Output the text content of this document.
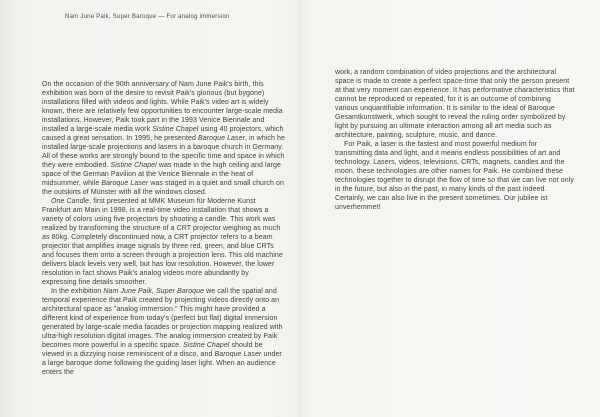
Nam June Paik, Super Baroque — For analog immersion

On the occasion of the 90th anniversary of Nam June Paik's birth, this exhibition was born of the desire to revisit Paik's glorious (but bygone) installations filled with videos and lights. While Paik's video art is widely known, there are relatively few opportunities to encounter large-scale media installations. However, Paik took part in the 1993 Venice Biennale and installed a large-scale media work Sistine Chapel using 40 projectors, which caused a great sensation. In 1995, he presented Baroque Laser, in which he installed large-scale projections and lasers in a baroque church in Germany. All of these works are strongly bound to the specific time and space in which they were embodied. Sistine Chapel was made in the high ceiling and large space of the German Pavilion at the Venice Biennale in the heat of midsummer, while Baroque Laser was staged in a quiet and small church on the outskirts of Münster with all the windows closed.

One Candle, first presented at MMK Museum für Moderne Kunst Frankfurt am Main in 1998, is a real-time video installation that shows a variety of colors using five projectors by shooting a candle. This work was realized by transforming the structure of a CRT projector weighing as much as 80kg. Completely discontinued now, a CRT projector refers to a beam projector that amplifies image signals by three red, green, and blue CRTs and focuses them onto a screen through a projection lens. This old machine delivers black levels very well, but has low resolution. However, the lower resolution in fact shows Paik's analog videos more abundantly by expressing fine details smoother.

In the exhibition Nam June Paik, Super Baroque we call the spatial and temporal experience that Paik created by projecting videos directly onto an architectural space as "analog immersion." This might have provided a different kind of experience from today's (perfect but flat) digital immersion generated by large-scale media facades or projection mapping realized with ultra-high resolution digital images. The analog immersion created by Paik becomes more powerful in a specific space. Sistine Chapel should be viewed in a dizzying noise reminiscent of a disco, and Baroque Laser under a large baroque dome following the guiding laser light. When an audience enters the

work, a random combination of video projections and the architectural space is made to create a perfect space-time that only the person present at that very moment can experience. It has performative characteristics that cannot be reproduced or repeated, for it is an outcome of combining various unquantifiable information. It is similar to the ideal of Baroque Gesamtkunstwerk, which sought to reveal the ruling order symbolized by light by pursuing an ultimate interaction among all art media such as architecture, painting, sculpture, music, and dance.

For Paik, a laser is the fastest and most powerful medium for transmitting data and light, and it means endless possibilities of art and technology. Lasers, videos, televisions, CRTs, magnets, candles and the moon, these technologies are other names for Paik. He combined these technologies together to disrupt the flow of time so that we can live not only in the future, but also in the past, in many kinds of the past indeed. Certainly, we can also live in the present sometimes. Our jubilee ist unverhemmet!
